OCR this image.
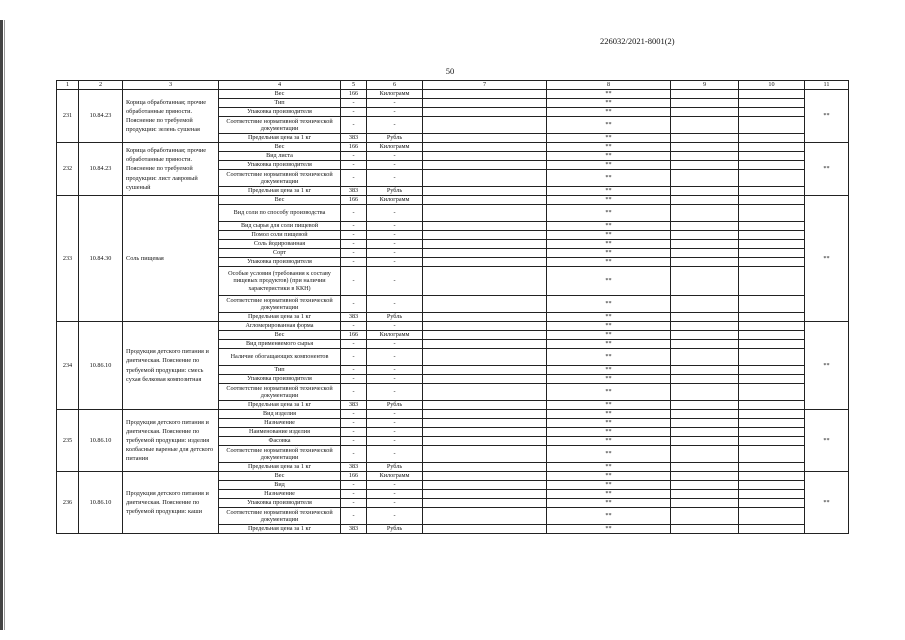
226032/2021-8001(2)
50
1	2	3	4	5	6	7	8	9	10	11
231	10.84.23	Корица обработанная; прочие обработанные пряности. Пояснение по требуемой продукции: зелень сушеная	Вес	166	Килограмм		**			**
			Тип	-	-		**			
			Упаковка производителя	-	-		**			
			Соответствие нормативной технической документации	-	-		**			
			Предельная цена за 1 кг	383	Рубль		**			
232	10.84.23	Корица обработанная; прочие обработанные пряности. Пояснение по требуемой продукции: лист лавровый сушеный	Вес	166	Килограмм		**			**
			Вид листа	-	-		**			
			Упаковка производителя	-	-		**			
			Соответствие нормативной технической документации	-	-		**			
			Предельная цена за 1 кг	383	Рубль		**			
233	10.84.30	Соль пищевая	Вес	166	Килограмм		**			**
			Вид соли по способу производства	-	-		**			
			Вид сырья для соли пищевой	-	-		**			
			Помол соли пищевой	-	-		**			
			Соль йодированная	-	-		**			
			Сорт	-	-		**			
			Упаковка производителя	-	-		**			
			Особые условия (требования к составу пищевых продуктов) (при наличии характеристики в ККН)	-	-		**			
			Соответствие нормативной технической документации	-	-		**			
			Предельная цена за 1 кг	383	Рубль		**			
234	10.86.10	Продукция детского питания и диетическая. Пояснение по требуемой продукции: смесь сухая белковая композитная	Агломерированная форма	-	-		**			**
			Вес	166	Килограмм		**			
			Вид применяемого сырья	-	-		**			
			Наличие обогащающих компонентов	-	-		**			
			Тип	-	-		**			
			Упаковка производителя	-	-		**			
			Соответствие нормативной технической документации	-	-		**			
			Предельная цена за 1 кг	383	Рубль		**			
235	10.86.10	Продукция детского питания и диетическая. Пояснение по требуемой продукции: изделия колбасные вареные для детского питания	Вид изделия	-	-		**			**
			Назначение	-	-		**			
			Наименование изделия	-	-		**			
			Фасовка	-	-		**			
			Соответствие нормативной технической документации	-	-		**			
			Предельная цена за 1 кг	383	Рубль		**			
236	10.86.10	Продукция детского питания и диетическая. Пояснение по требуемой продукции: каши	Вес	166	Килограмм		**			**
			Вид	-	-		**			
			Назначение	-	-		**			
			Упаковка производителя	-	-		**			
			Соответствие нормативной технической документации	-	-		**			
			Предельная цена за 1 кг	383	Рубль		**			
